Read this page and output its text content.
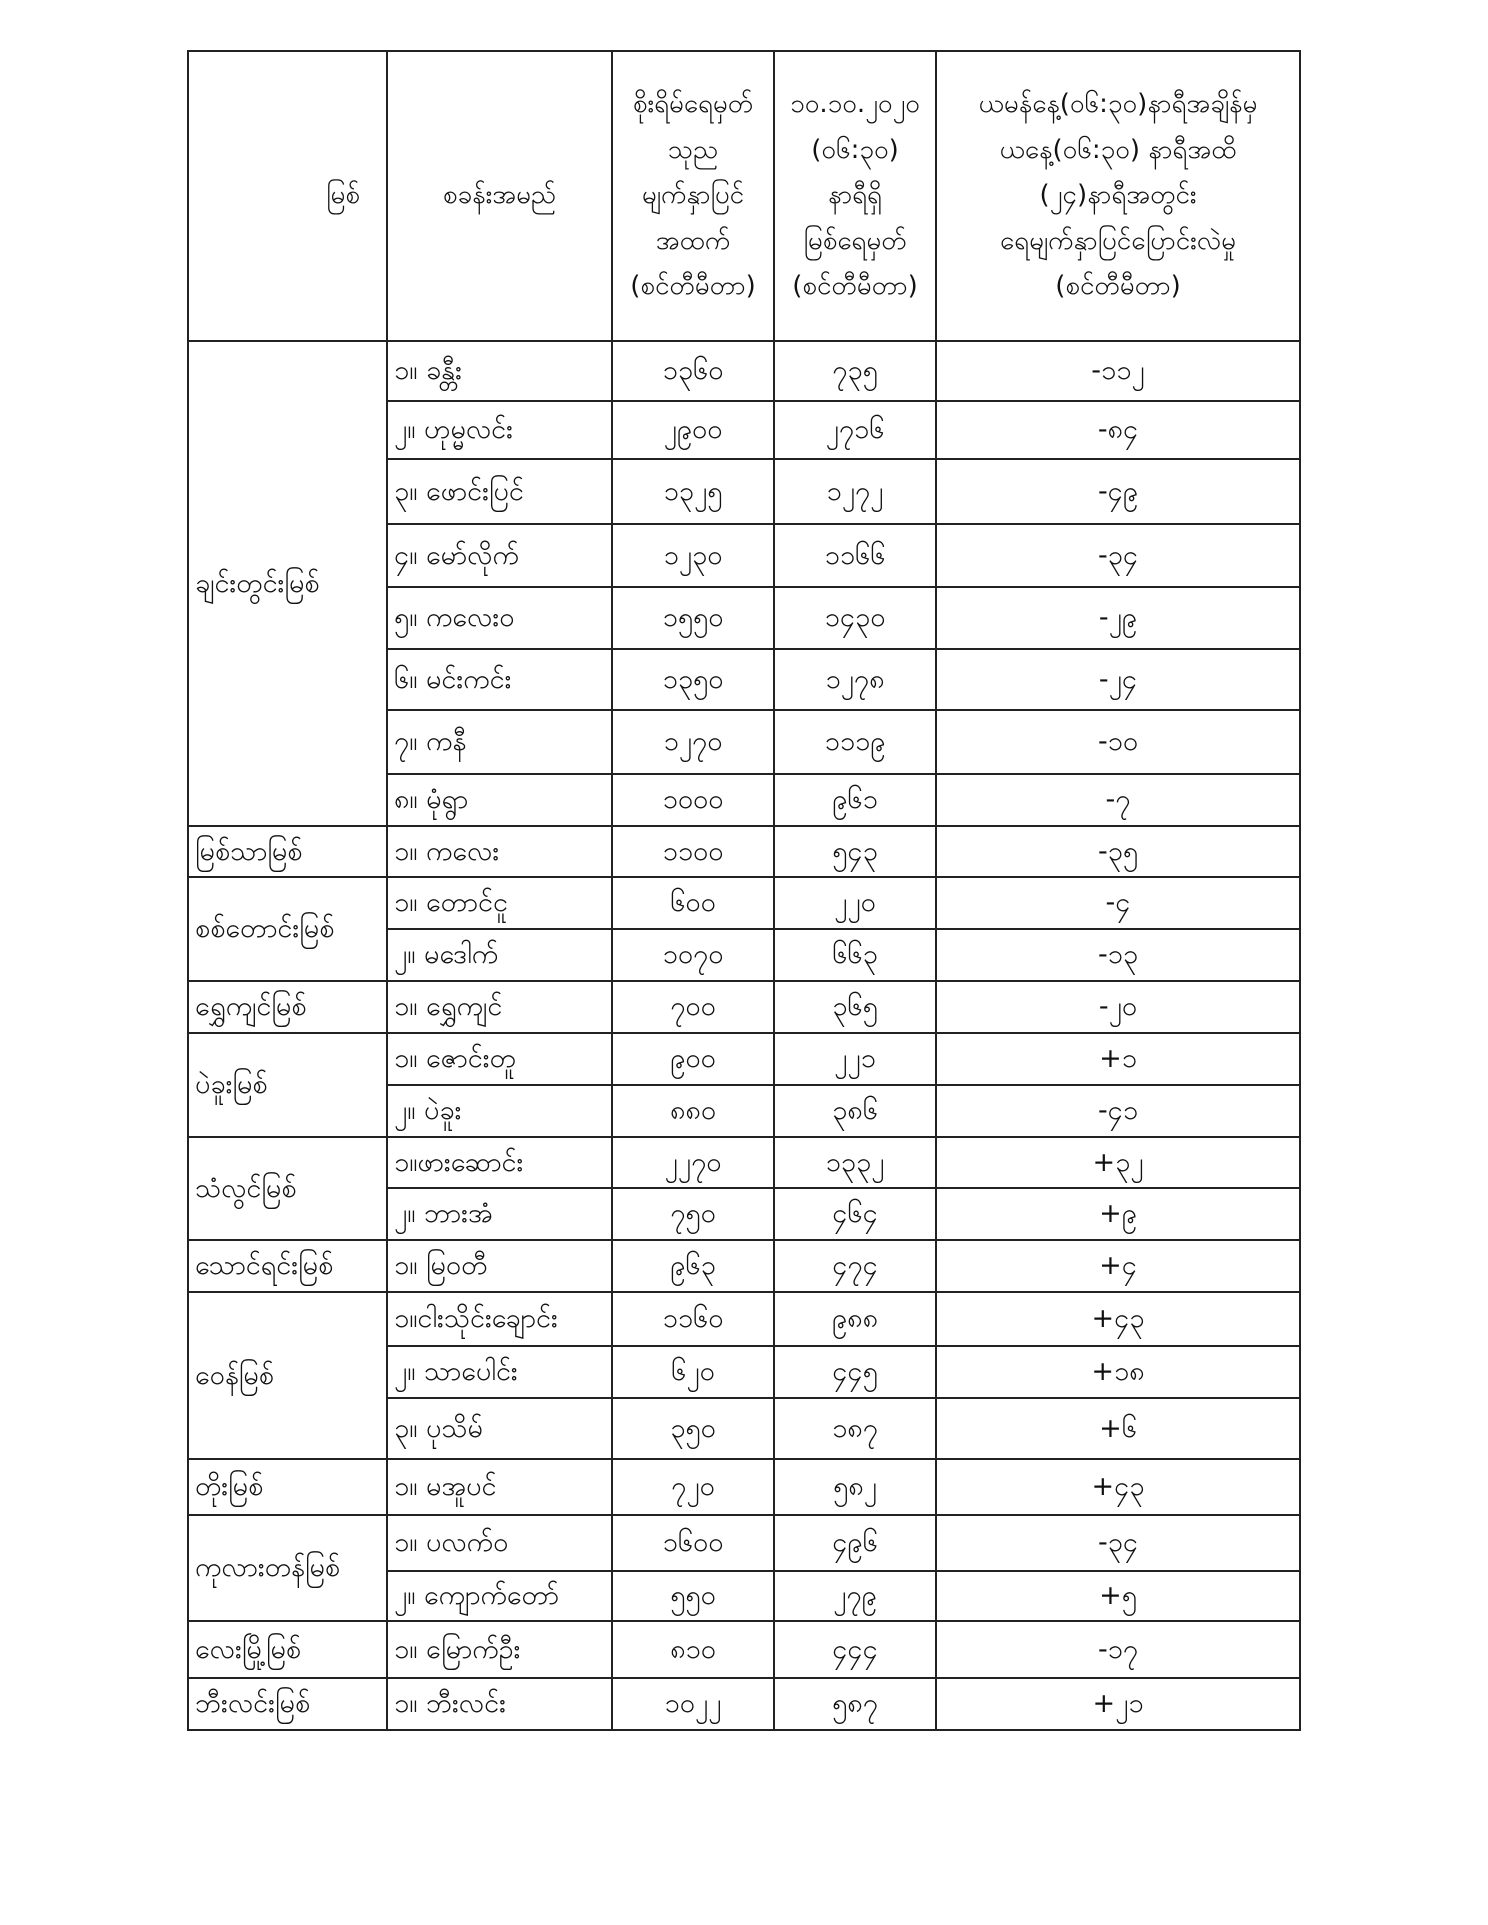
မြစ်	စခန်းအမည်	စိုးရိမ်ရေမှတ်
သုညမျက်နှာပြင်
အထက်
(စင်တီမီတာ)	၁၀.၁၀.၂၀၂၀
(၀၆:၃၀)
နာရီရှိ
မြစ်ရေမှတ်
(စင်တီမီတာ)	ယမန်နေ့(၀၆:၃၀)နာရီအချိန်မှ
ယနေ့(၀၆:၃၀) နာရီအထိ
(၂၄)နာရီအတွင်း
ရေမျက်နှာပြင်ပြောင်းလဲမှု
(စင်တီမီတာ)
ချင်းတွင်းမြစ်	၁။ ခန္တီး	၁၃၆၀	၇၃၅	-၁၁၂
	၂။ ဟုမ္မလင်း	၂၉၀၀	၂၇၁၆	-၈၄
	၃။ ဖောင်းပြင်	၁၃၂၅	၁၂၇၂	-၄၉
	၄။ မော်လိုက်	၁၂၃၀	၁၁၆၆	-၃၄
	၅။ ကလေးဝ	၁၅၅၀	၁၄၃၀	-၂၉
	၆။ မင်းကင်း	၁၃၅၀	၁၂၇၈	-၂၄
	၇။ ကနီ	၁၂၇၀	၁၁၁၉	-၁၀
	၈။ မုံရွာ	၁၀၀၀	၉၆၁	-၇
မြစ်သာမြစ်	၁။ ကလေး	၁၁၀၀	၅၄၃	-၃၅
စစ်တောင်းမြစ်	၁။ တောင်ငူ	၆၀၀	၂၂၀	-၄
	၂။ မဒေါက်	၁၀၇၀	၆၆၃	-၁၃
ရွှေကျင်မြစ်	၁။ ရွှေကျင်	၇၀၀	၃၆၅	-၂၀
ပဲခူးမြစ်	၁။ ဇောင်းတူ	၉၀၀	၂၂၁	+၁
	၂။ ပဲခူး	၈၈၀	၃၈၆	-၄၁
သံလွင်မြစ်	၁။ဖားဆောင်း	၂၂၇၀	၁၃၃၂	+၃၂
	၂။ ဘားအံ	၇၅၀	၄၆၄	+၉
သောင်ရင်းမြစ်	၁။ မြဝတီ	၉၆၃	၄၇၄	+၄
ဝေန်မြစ်	၁။ငါးသိုင်းချောင်း	၁၁၆၀	၉၈၈	+၄၃
	၂။ သာပေါင်း	၆၂၀	၄၄၅	+၁၈
	၃။ ပုသိမ်	၃၅၀	၁၈၇	+၆
တိုးမြစ်	၁။ မအူပင်	၇၂၀	၅၈၂	+၄၃
ကုလားတန်မြစ်	၁။ ပလက်ဝ	၁၆၀၀	၄၉၆	-၃၄
	၂။ ကျောက်တော်	၅၅၀	၂၇၉	+၅
လေးမြို့မြစ်	၁။ မြောက်ဦး	၈၁၀	၄၄၄	-၁၇
ဘီးလင်းမြစ်	၁။ ဘီးလင်း	၁၀၂၂	၅၈၇	+၂၁
